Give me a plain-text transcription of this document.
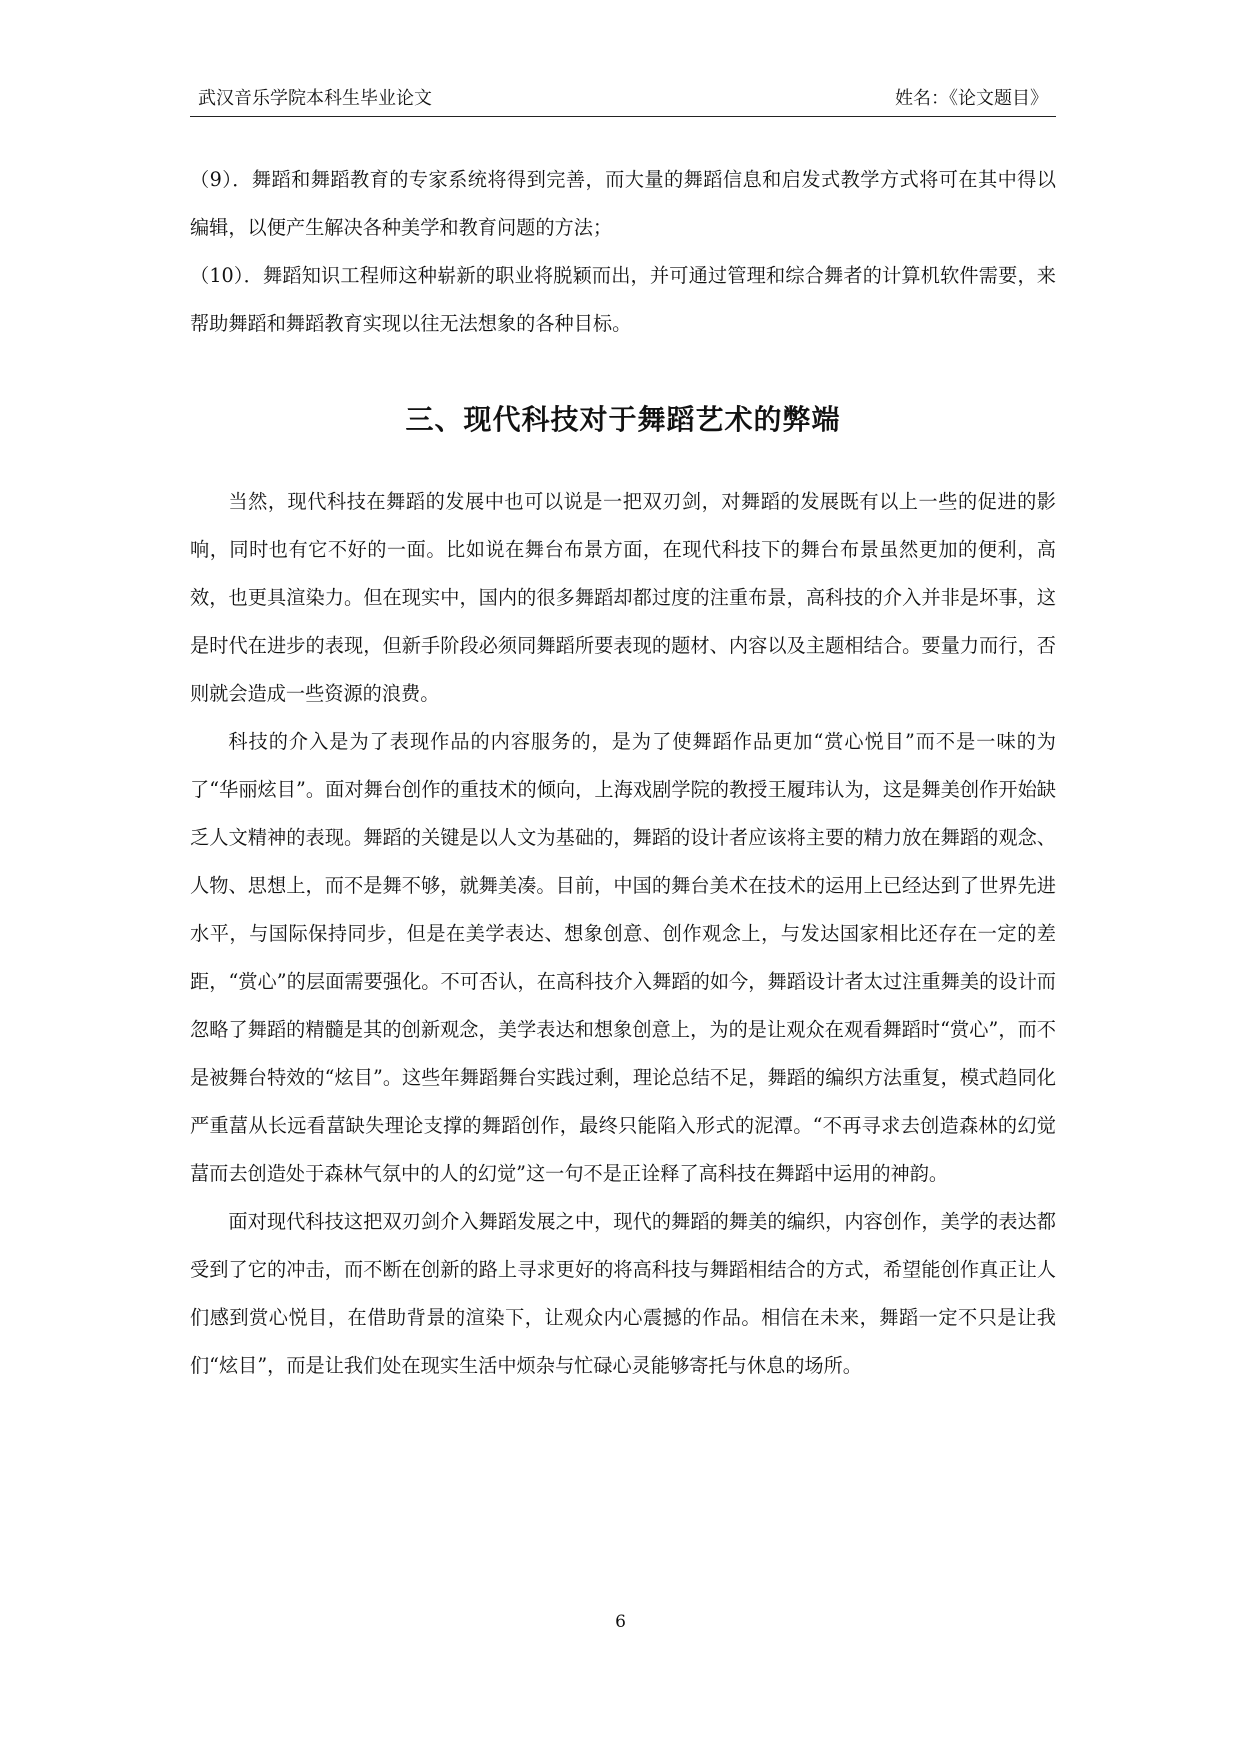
武汉音乐学院本科生毕业论文	姓名：《论文题目》

（9）．舞蹈和舞蹈教育的专家系统将得到完善，而大量的舞蹈信息和启发式教学方式将可在其中得以编辑，以便产生解决各种美学和教育问题的方法；

（10）．舞蹈知识工程师这种崭新的职业将脱颖而出，并可通过管理和综合舞者的计算机软件需要，来帮助舞蹈和舞蹈教育实现以往无法想象的各种目标。

三、现代科技对于舞蹈艺术的弊端

当然，现代科技在舞蹈的发展中也可以说是一把双刃剑，对舞蹈的发展既有以上一些的促进的影响，同时也有它不好的一面。比如说在舞台布景方面，在现代科技下的舞台布景虽然更加的便利，高效，也更具渲染力。但在现实中，国内的很多舞蹈却都过度的注重布景，高科技的介入并非是坏事，这是时代在进步的表现，但新手阶段必须同舞蹈所要表现的题材、内容以及主题相结合。要量力而行，否则就会造成一些资源的浪费。

科技的介入是为了表现作品的内容服务的，是为了使舞蹈作品更加“赏心悦目”而不是一味的为了“华丽炫目”。面对舞台创作的重技术的倾向，上海戏剧学院的教授王履玮认为，这是舞美创作开始缺乏人文精神的表现。舞蹈的关键是以人文为基础的，舞蹈的设计者应该将主要的精力放在舞蹈的观念、人物、思想上，而不是舞不够，就舞美凑。目前，中国的舞台美术在技术的运用上已经达到了世界先进水平，与国际保持同步，但是在美学表达、想象创意、创作观念上，与发达国家相比还存在一定的差距，“赏心”的层面需要强化。不可否认，在高科技介入舞蹈的如今，舞蹈设计者太过注重舞美的设计而忽略了舞蹈的精髓是其的创新观念，美学表达和想象创意上，为的是让观众在观看舞蹈时“赏心”，而不是被舞台特效的“炫目”。这些年舞蹈舞台实践过剩，理论总结不足，舞蹈的编织方法重复，模式趋同化严重葍从长远看葍缺失理论支撑的舞蹈创作，最终只能陷入形式的泥潭。“不再寻求去创造森林的幻觉葍而去创造处于森林气氛中的人的幻觉”这一句不是正诠释了高科技在舞蹈中运用的神韵。

面对现代科技这把双刃剑介入舞蹈发展之中，现代的舞蹈的舞美的编织，内容创作，美学的表达都受到了它的冲击，而不断在创新的路上寻求更好的将高科技与舞蹈相结合的方式，希望能创作真正让人们感到赏心悦目，在借助背景的渲染下，让观众内心震撼的作品。相信在未来，舞蹈一定不只是让我们“炫目”，而是让我们处在现实生活中烦杂与忙碌心灵能够寄托与休息的场所。

6
